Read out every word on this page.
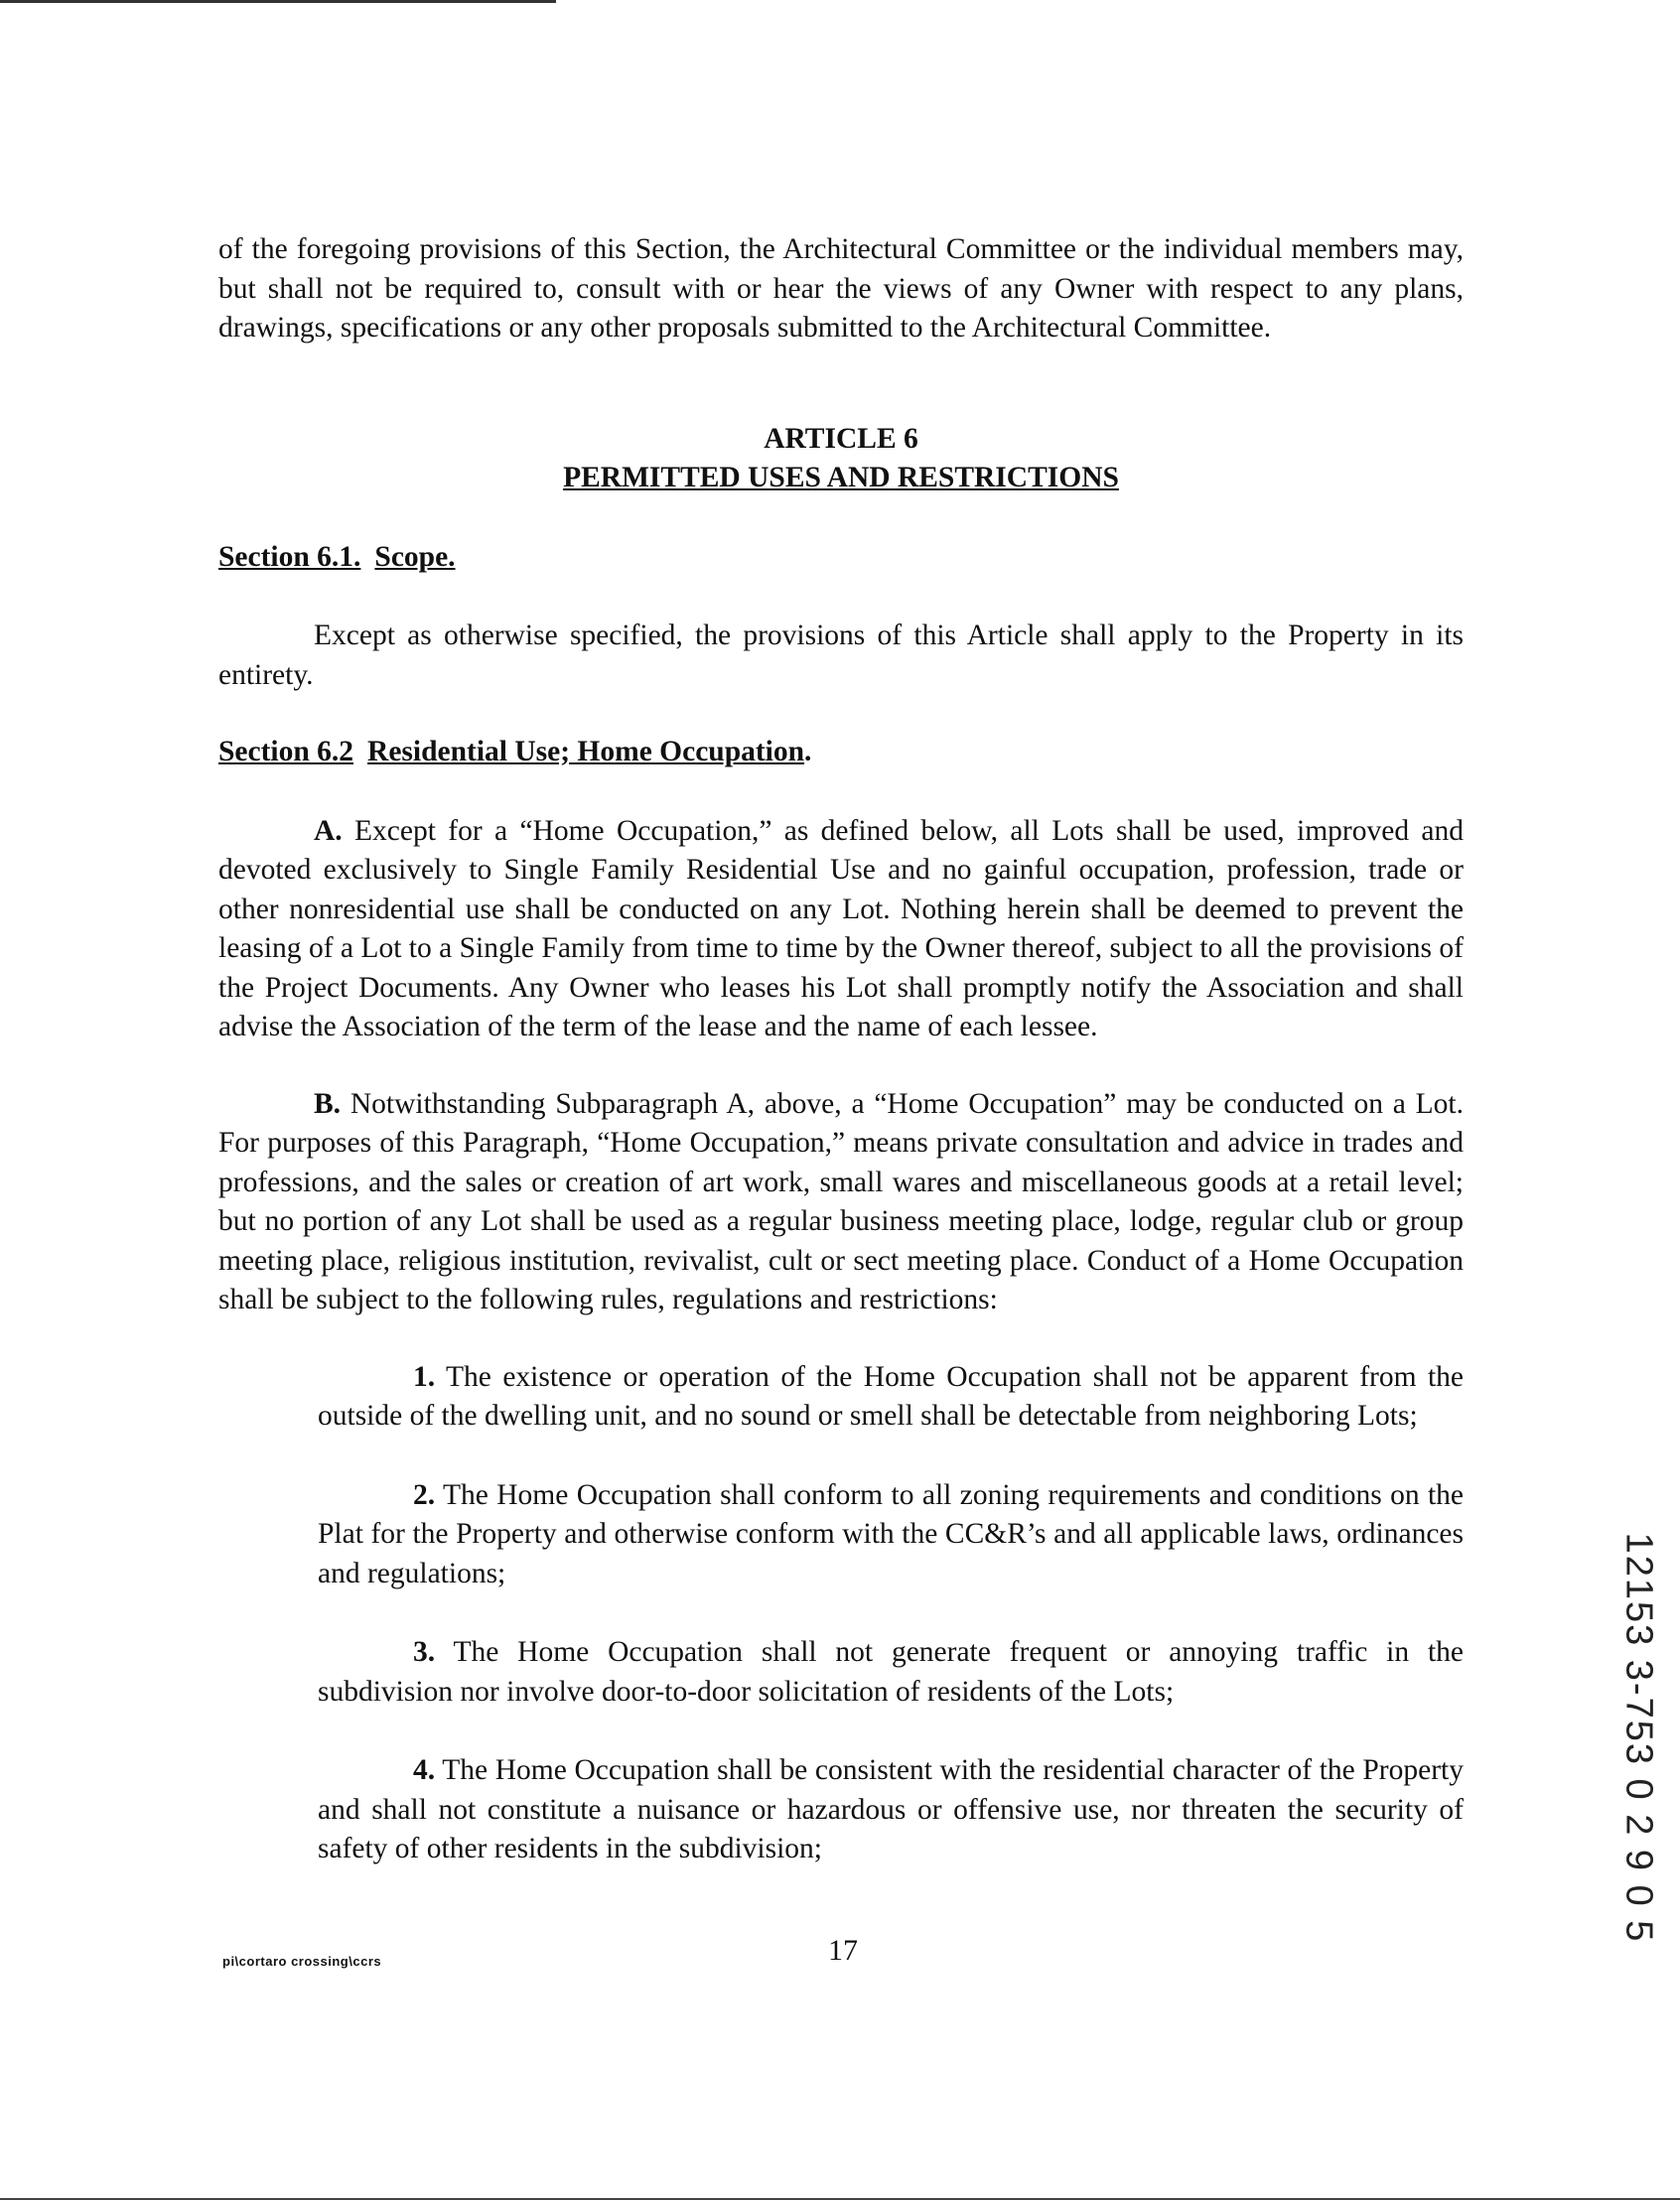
of the foregoing provisions of this Section, the Architectural Committee or the individual members may, but shall not be required to, consult with or hear the views of any Owner with respect to any plans, drawings, specifications or any other proposals submitted to the Architectural Committee.

ARTICLE 6
PERMITTED USES AND RESTRICTIONS
Section 6.1. Scope.

Except as otherwise specified, the provisions of this Article shall apply to the Property in its entirety.

Section 6.2 Residential Use; Home Occupation.

A. Except for a “Home Occupation,” as defined below, all Lots shall be used, improved and devoted exclusively to Single Family Residential Use and no gainful occupation, profession, trade or other nonresidential use shall be conducted on any Lot. Nothing herein shall be deemed to prevent the leasing of a Lot to a Single Family from time to time by the Owner thereof, subject to all the provisions of the Project Documents. Any Owner who leases his Lot shall promptly notify the Association and shall advise the Association of the term of the lease and the name of each lessee.

B. Notwithstanding Subparagraph A, above, a “Home Occupation” may be conducted on a Lot. For purposes of this Paragraph, “Home Occupation,” means private consultation and advice in trades and professions, and the sales or creation of art work, small wares and miscellaneous goods at a retail level; but no portion of any Lot shall be used as a regular business meeting place, lodge, regular club or group meeting place, religious institution, revivalist, cult or sect meeting place. Conduct of a Home Occupation shall be subject to the following rules, regulations and restrictions:

1. The existence or operation of the Home Occupation shall not be apparent from the outside of the dwelling unit, and no sound or smell shall be detectable from neighboring Lots;

2. The Home Occupation shall conform to all zoning requirements and conditions on the Plat for the Property and otherwise conform with the CC&R’s and all applicable laws, ordinances and regulations;

3. The Home Occupation shall not generate frequent or annoying traffic in the subdivision nor involve door-to-door solicitation of residents of the Lots;

4. The Home Occupation shall be consistent with the residential character of the Property and shall not constitute a nuisance or hazardous or offensive use, nor threaten the security of safety of other residents in the subdivision;

pi\cortaro crossing\ccrs	17
12153 3-753 0 2 9 0 5
